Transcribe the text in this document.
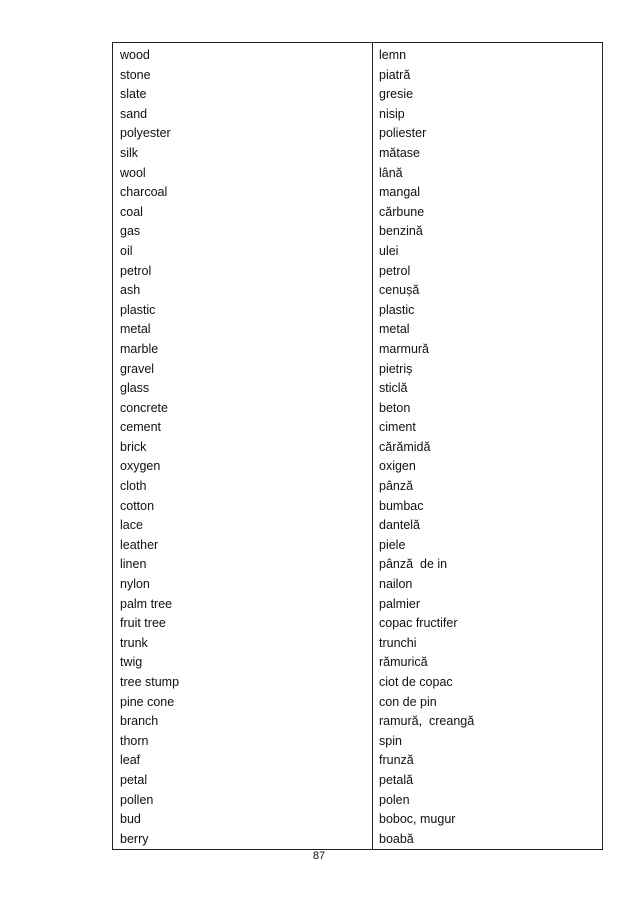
wood
stone
slate
sand
polyester
silk
wool
charcoal
coal
gas
oil
petrol
ash
plastic
metal
marble
gravel
glass
concrete
cement
brick
oxygen
cloth
cotton
lace
leather
linen
nylon
palm tree
fruit tree
trunk
twig
tree stump
pine cone
branch
thorn
leaf
petal
pollen
bud
berry
lemn
piatră
gresie
nisip
poliester
mătase
lână
mangal
cărbune
benzină
ulei
petrol
cenușă
plastic
metal
marmură
pietriș
sticlă
beton
ciment
cărămidă
oxigen
pânză
bumbac
dantelă
piele
pânză  de in
nailon
palmier
copac fructifer
trunchi
rămurică
ciot de copac
con de pin
ramură,  creangă
spin
frunză
petală
polen
boboc, mugur
boabă
87
